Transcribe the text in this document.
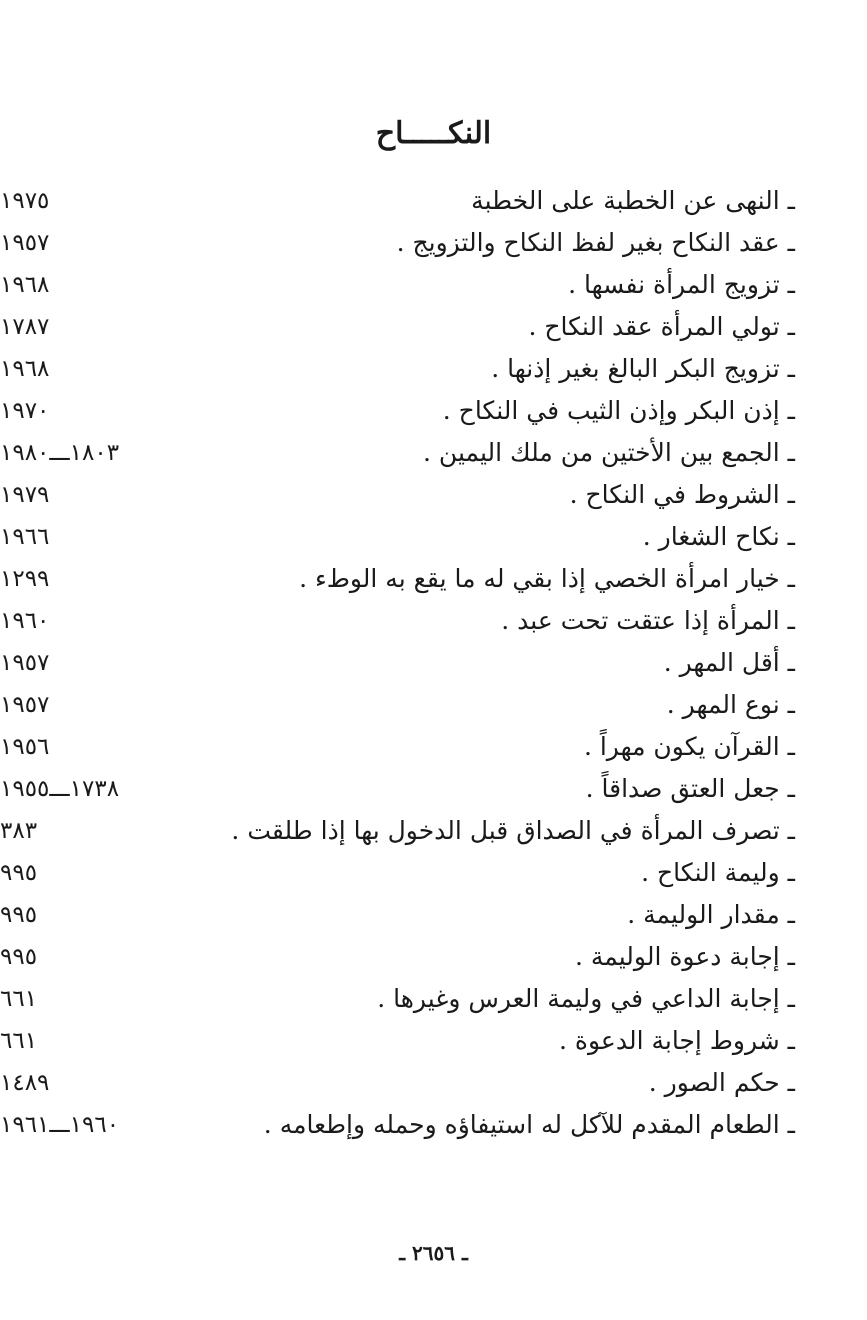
النكـــــاح
ـ النهى عن الخطبة على الخطبة
١٩٧٥
ـ عقد النكاح بغير لفظ النكاح والتزويج .
١٩٥٧
ـ تزويج المرأة نفسها .
١٩٦٨
ـ تولي المرأة عقد النكاح .
١٧٨٧
ـ تزويج البكر البالغ بغير إذنها .
١٩٦٨
ـ إذن البكر وإذن الثيب في النكاح .
١٩٧٠
ـ الجمع بين الأختين من ملك اليمين .
١٨٠٣ـــ١٩٨٠
ـ الشروط في النكاح .
١٩٧٩
ـ نكاح الشغار .
١٩٦٦
ـ خيار امرأة الخصي إذا بقي له ما يقع به الوطء .
١٢٩٩
ـ المرأة إذا عتقت تحت عبد .
١٩٦٠
ـ أقل المهر .
١٩٥٧
ـ نوع المهر .
١٩٥٧
ـ القرآن يكون مهراً .
١٩٥٦
ـ جعل العتق صداقاً .
١٧٣٨ـــ١٩٥٥
ـ تصرف المرأة في الصداق قبل الدخول بها إذا طلقت .
٣٨٣
ـ وليمة النكاح .
٩٩٥
ـ مقدار الوليمة .
٩٩٥
ـ إجابة دعوة الوليمة .
٩٩٥
ـ إجابة الداعي في وليمة العرس وغيرها .
٦٦١
ـ شروط إجابة الدعوة .
٦٦١
ـ حكم الصور .
١٤٨٩
ـ الطعام المقدم للآكل له استيفاؤه وحمله وإطعامه .
١٩٦٠ـــ١٩٦١
ـ ٢٦٥٦ ـ
